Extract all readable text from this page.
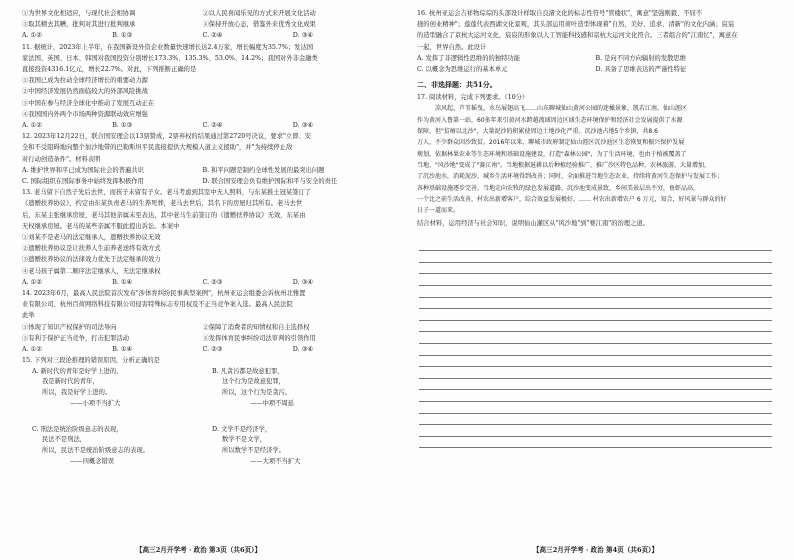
①为世界文化相适应，与现代社会相协调	②以人民喜闻乐见的方式来开展文化活动
③取其精去其糟，批判对其进行批判继承	④保持开放心态，借鉴外来优秀文化成果
A. ①②	B. ①③	C. ②④	D. ③④
11. 据统计，2023年上半年，在我国新设外资企业数量快速增长达2.4万家，增长幅度为35.7%；发达国
家法国、英国、日本、韩国对我国投资分别增长173.3%、135.3%、53.0%、14.2%；我国对外非金融类
直接投资4316.1亿元，增长22.7%。对此，下列推断正确的是
①我国已成为拉动全球经济增长的重要动力源
②中国经济发展仍然面临较大的外部风险挑战
③中国在参与经济全球化中推动了发展互动正在
④我国国内外两个市场两种资源联动效应增强
A. ①②	B. ①③	C. ②④	D. ③④
12. 2023年12月22日，联合国安理会以13票赞成，2票弃权的结果通过第2720号决议，要求"立即、安
全和不受阻碍地向整个加沙地带的巴勒斯坦平民直接提供大规模人道主义援助"，并"为持续停止敌
对行动创造条件"。材料表明
A. 维护世界和平已成为国际社会的普遍共识	B. 和平问题是制约全球性发展的最突出问题
C. 国际组织在国际事务中始终发挥积极作用	D. 联合国安理会负有维护国际和平与安全的责任
13. 老马留下自然子先后去世，而孩子未留有子女。老马考虑到其室中无人照料，与东某推土冠某签订了
《遗赠扶养协议》，约定由东某负责老马的生养死葬，老马去世后，其名下的房屋归其所有。老马去世
后，东某主张继承房屋，老马其他亲属未至表达，其中老马生前签订的《遗赠扶养协议》无效，东某由
无权继承房屋。老马的某些亲属不服此提出诉讼。本案中
①刘某不是老马的法定继承人，遗赠扶养协议无效
②遗赠扶养协议是让扶养人生前养老送终有效方式
③遗赠扶养协议的法律效力优先于法定继承的效力
④老马孩子属第二顺序法定继承人，无法定继承权
A. ①②	B. ①④	C. ②③	D. ③④
14. 2023年6月，最高人民法院首次发布"涉体育纠纷民事典型案例"，杭州亚运会组委会诉杭州北雅置
业有限公司、杭州百荷网络科技有限公司侵害特殊标志专用权及不正当竞争案入选。最高人民法院
此举
①体现了知识产权保护的司法导向	②保障了消费者的知情权和自主选择权
③有利于保护正当竞争，打击犯罪活动	④发挥体育民事纠纷司法审判的引领作用
A. ①②	B. ①④	C. ②③	D. ③④
15. 下列对三段论推理的错误原因，分析正确的是
A. 新时代的青年是好学上进的，
我是新时代的青年，
所以，我是好学上进的。
——小项不当扩大
B. 凡贪污都是故意犯罪，
这个行为是故意犯罪，
所以，这个行为是贪污。
——中项不周延
C. 刑法是统治阶级意志的表现，
民法不是刑法，
所以，民法不是统治阶级意志的表现。
——四概念错误
D. 文学不是经济学，
数学不是文学，
所以数学不是经济学。
——大项不当扩大
【高三2月开学考 · 政治 第3页（共6页）】
16. 杭州亚运会吉祥物琮琮的头部设计样取自良渚文化的标志性符号"管楼状"，寓意"坚强刚毅、不屈不
挠的创业精神"；莲莲代表西湖文化景观，其头部运用荷叶造型体现着"自然、美好、追求、清新"的文化内涵；宸宸
的造型融合了京杭大运河文化，宸宸的形象以人工智能科技感和京杭大运河文化符合。三者组合的"江南忆"，寓意在
一起，世界自然。此设计
A. 发挥了非逻辑性思维的的独特功能	B. 是向不同方向辐射的发散思维
C. 以概念为思维运行的基本单元	D. 具备了思维表达的严谨性特征
二、非选择题：共51分。
17. 阅读材料，完成下列要求。（10分）
凉风起，芦苇摇曳，水鸟展翅高飞……山东聊城仙山黄河公园的迷橄景象，凯若江南。仙山涯区
作为黄河入鲁第一站，60多年来引黄河水跨越流域周边区域生态环境保护和经济社会发展提供了水源
保障，但"贫瘠以北沙"，大量泥沙的积累使周边土地沙化严重。沉沙池占地5个乡镇，共8.6
万人，不少群众因沙致贫。2016年以来，聊城市政府制定仙山涯区沉沙池区生态恢复和振兴保护发展
规划，依据林果农业等生态环境和基础设施建设，打造"森林公园"，为了生活环境，也由于植被覆盖了
当地，"风沙地"变成了"赛江南"。当地根据退耕以后种植经验推广，推广沙区特色品种，农林旅游，大量增加，
了沉沙池水，消耗泥沙，城乡生活环境得到改善；同时，全面推进当地生态农业，持续将黄河生态保护与发展工作；
各种基础设施逐步完善，当地走向农牧的绿色发展道路，沉沙池变成景致，乡间美景层出不穷，鱼虾品高，
一个比之前生活改善，村农出新增客户，综合效益发展极好。…… 村农出新增农户 6 万元，知合，好风景与群众的好
日子一道而来。
结合材料，运用经济与社会知识，说明仙山灌区从"风沙地"到"赛江南"的治理之道。
【高三2月开学考 · 政治 第4页（共6页）】
